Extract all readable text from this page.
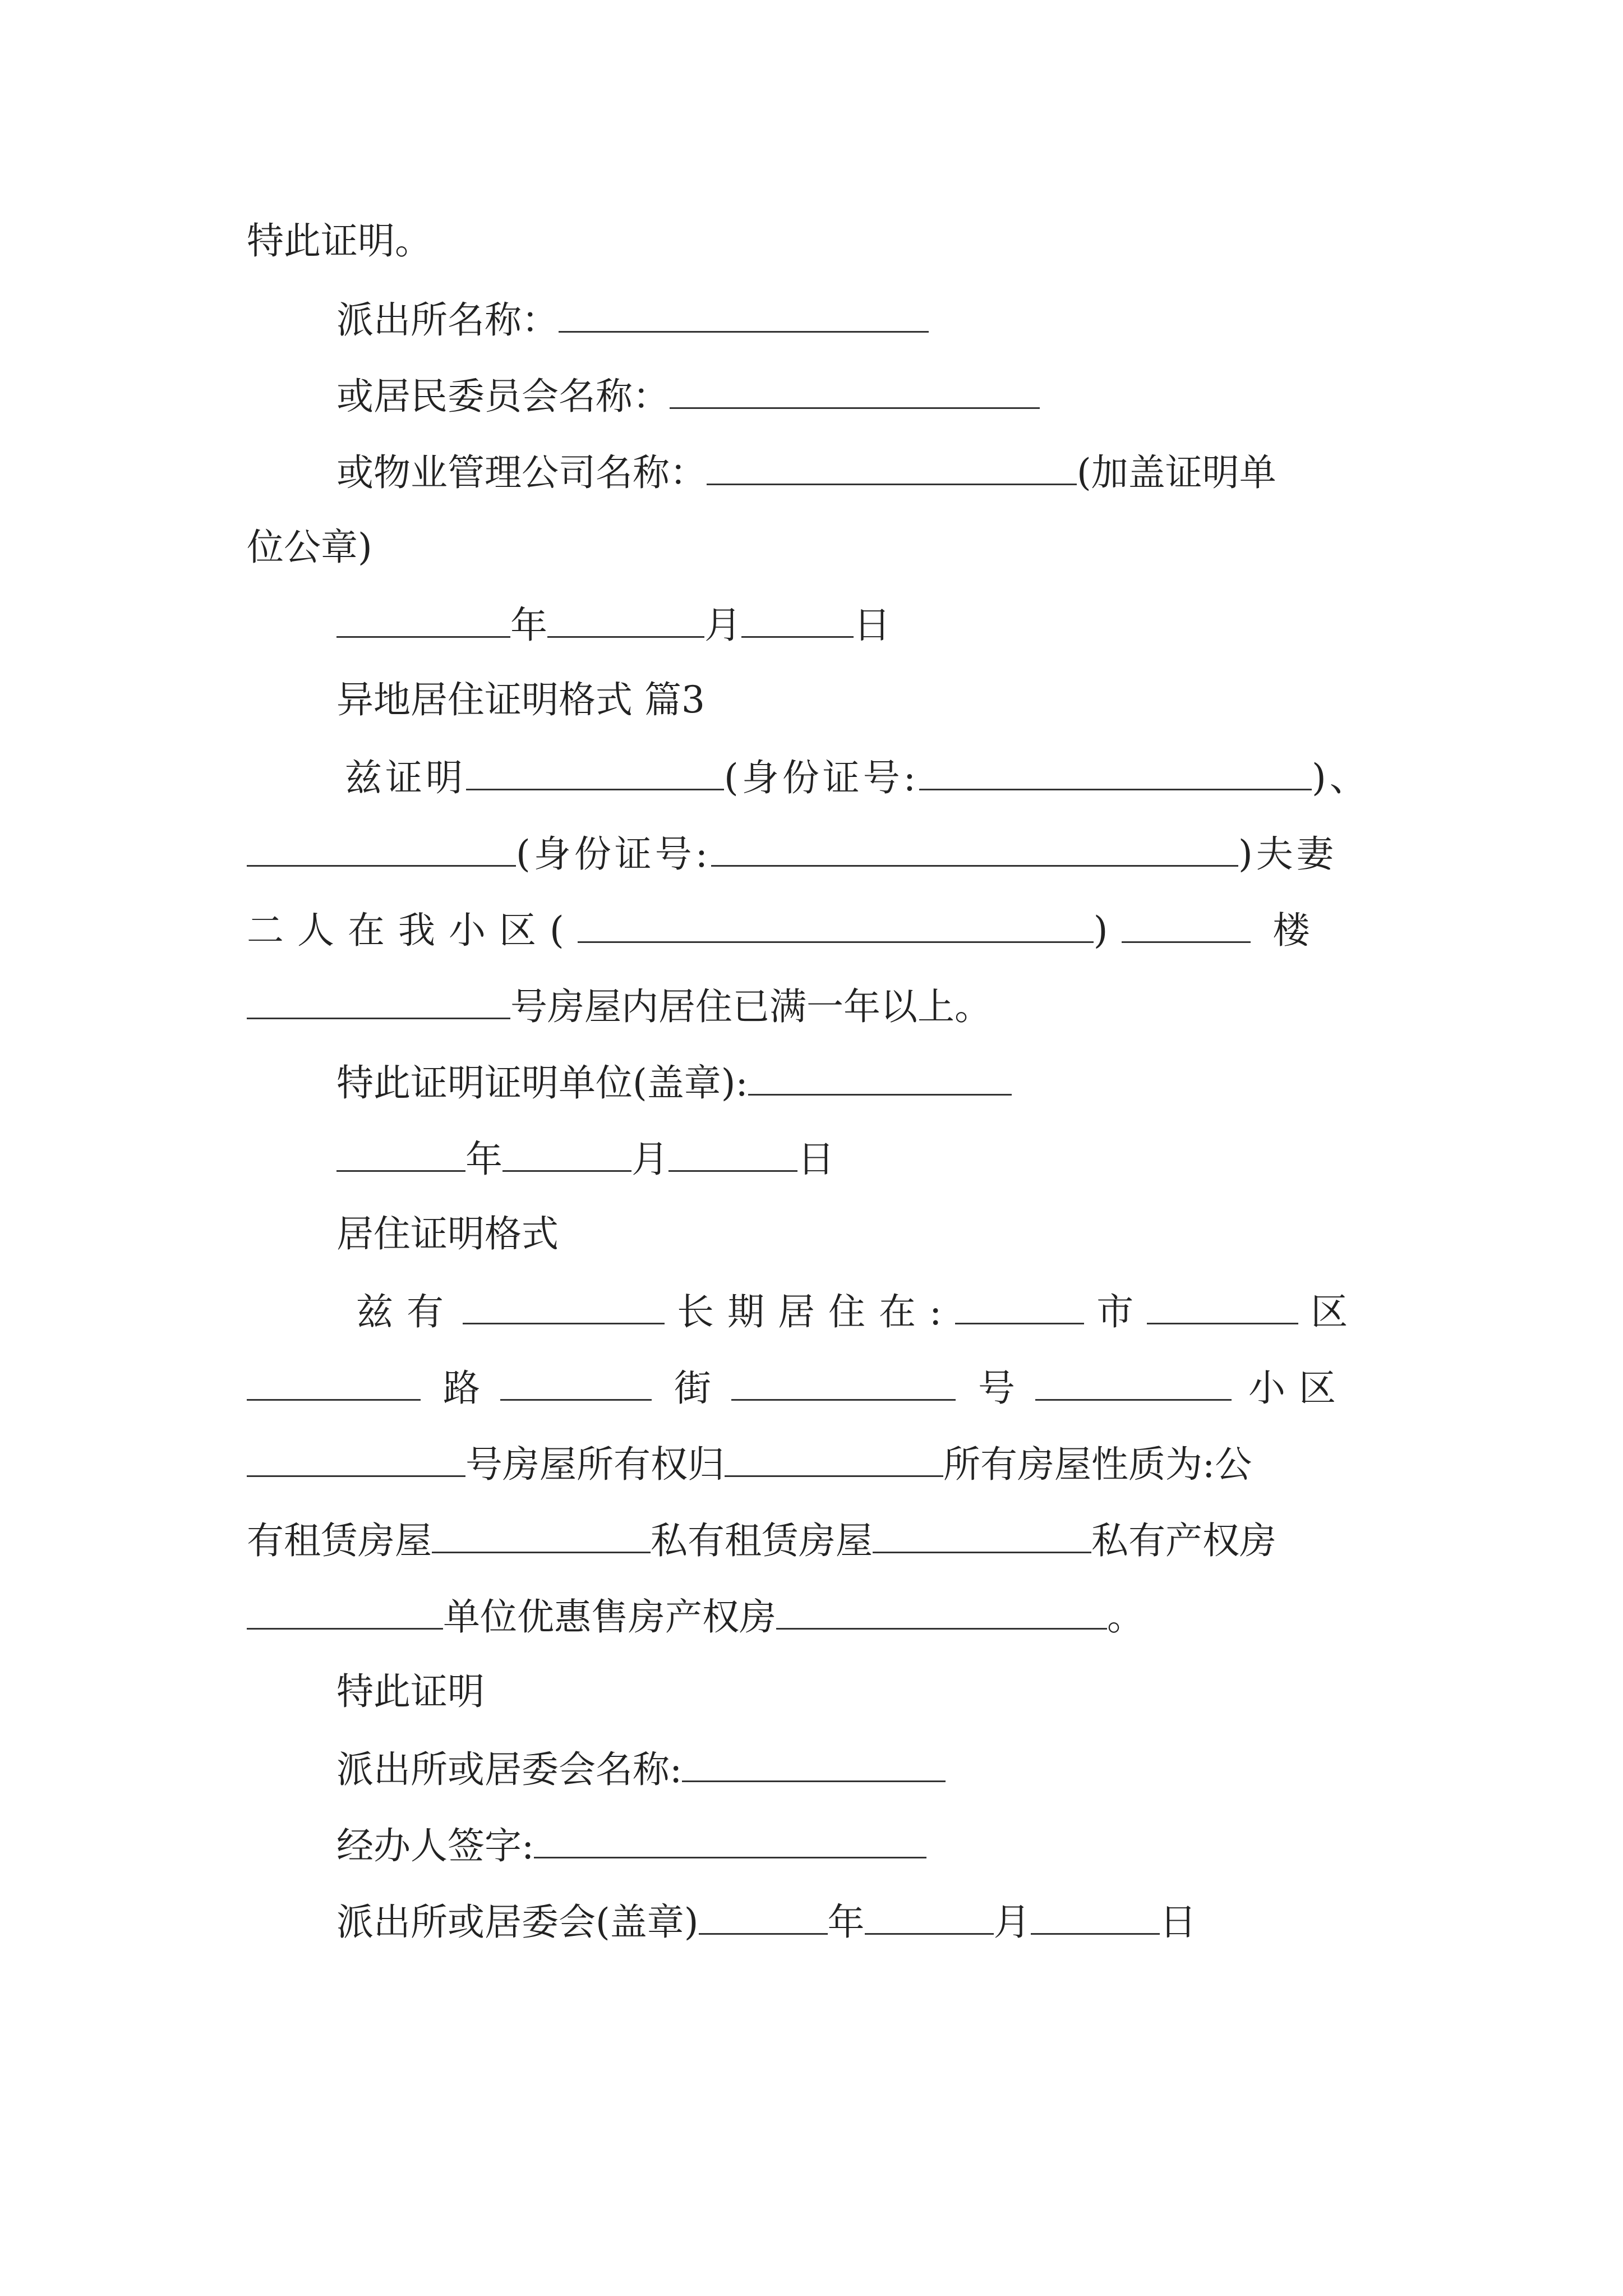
特此证明。
派出所名称：
或居民委员会名称：
或物业管理公司名称：	(加盖证明单
位公章)
年	月	日
异地居住证明格式 篇3
兹证明	(身份证号:	)、
(身份证号:	)夫妻
二人在我小区(	)	楼
号房屋内居住已满一年以上。
特此证明证明单位(盖章):
年	月	日
居住证明格式
兹有	长期居住在:	市	区
路	街	号	小区
号房屋所有权归	所有房屋性质为:公
有租赁房屋	私有租赁房屋	私有产权房
单位优惠售房产权房	。
特此证明
派出所或居委会名称:
经办人签字:
派出所或居委会(盖章)	年	月	日
